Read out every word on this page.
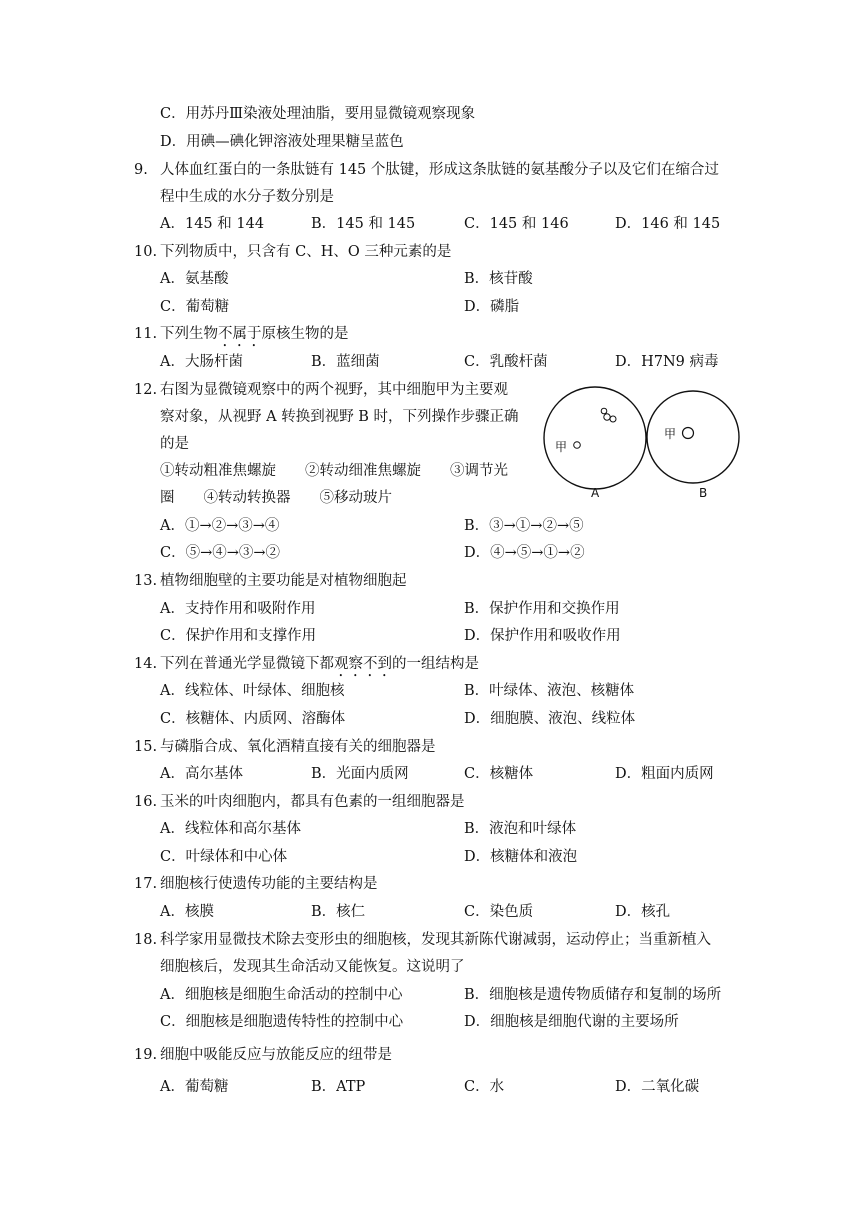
C．用苏丹Ⅲ染液处理油脂，要用显微镜观察现象
D．用碘—碘化钾溶液处理果糖呈蓝色
9. 人体血红蛋白的一条肽链有 145 个肽键，形成这条肽链的氨基酸分子以及它们在缩合过
程中生成的水分子数分别是
A．145 和 144	B．145 和 145	C．145 和 146	D．146 和 145
10. 下列物质中，只含有 C、H、O 三种元素的是
A．氨基酸	B．核苷酸
C．葡萄糖	D．磷脂
11. 下列生物不属于原核生物的是
A．大肠杆菌	B．蓝细菌	C．乳酸杆菌	D．H7N9 病毒
12. 右图为显微镜观察中的两个视野，其中细胞甲为主要观
察对象，从视野 A 转换到视野 B 时，下列操作步骤正确
的是
①转动粗准焦螺旋　　②转动细准焦螺旋　　③调节光
圈　　④转动转换器　　⑤移动玻片
A．①→②→③→④	B．③→①→②→⑤
C．⑤→④→③→②	D．④→⑤→①→②
甲
甲
A	B
13. 植物细胞壁的主要功能是对植物细胞起
A．支持作用和吸附作用	B．保护作用和交换作用
C．保护作用和支撑作用	D．保护作用和吸收作用
14. 下列在普通光学显微镜下都观察不到的一组结构是
A．线粒体、叶绿体、细胞核	B．叶绿体、液泡、核糖体
C．核糖体、内质网、溶酶体	D．细胞膜、液泡、线粒体
15. 与磷脂合成、氧化酒精直接有关的细胞器是
A．高尔基体	B．光面内质网	C．核糖体	D．粗面内质网
16. 玉米的叶肉细胞内，都具有色素的一组细胞器是
A．线粒体和高尔基体	B．液泡和叶绿体
C．叶绿体和中心体	D．核糖体和液泡
17. 细胞核行使遗传功能的主要结构是
A．核膜	B．核仁	C．染色质	D．核孔
18. 科学家用显微技术除去变形虫的细胞核，发现其新陈代谢减弱，运动停止；当重新植入
细胞核后，发现其生命活动又能恢复。这说明了
A．细胞核是细胞生命活动的控制中心	B．细胞核是遗传物质储存和复制的场所
C．细胞核是细胞遗传特性的控制中心	D．细胞核是细胞代谢的主要场所
19. 细胞中吸能反应与放能反应的纽带是
A．葡萄糖	B．ATP	C．水	D．二氧化碳
